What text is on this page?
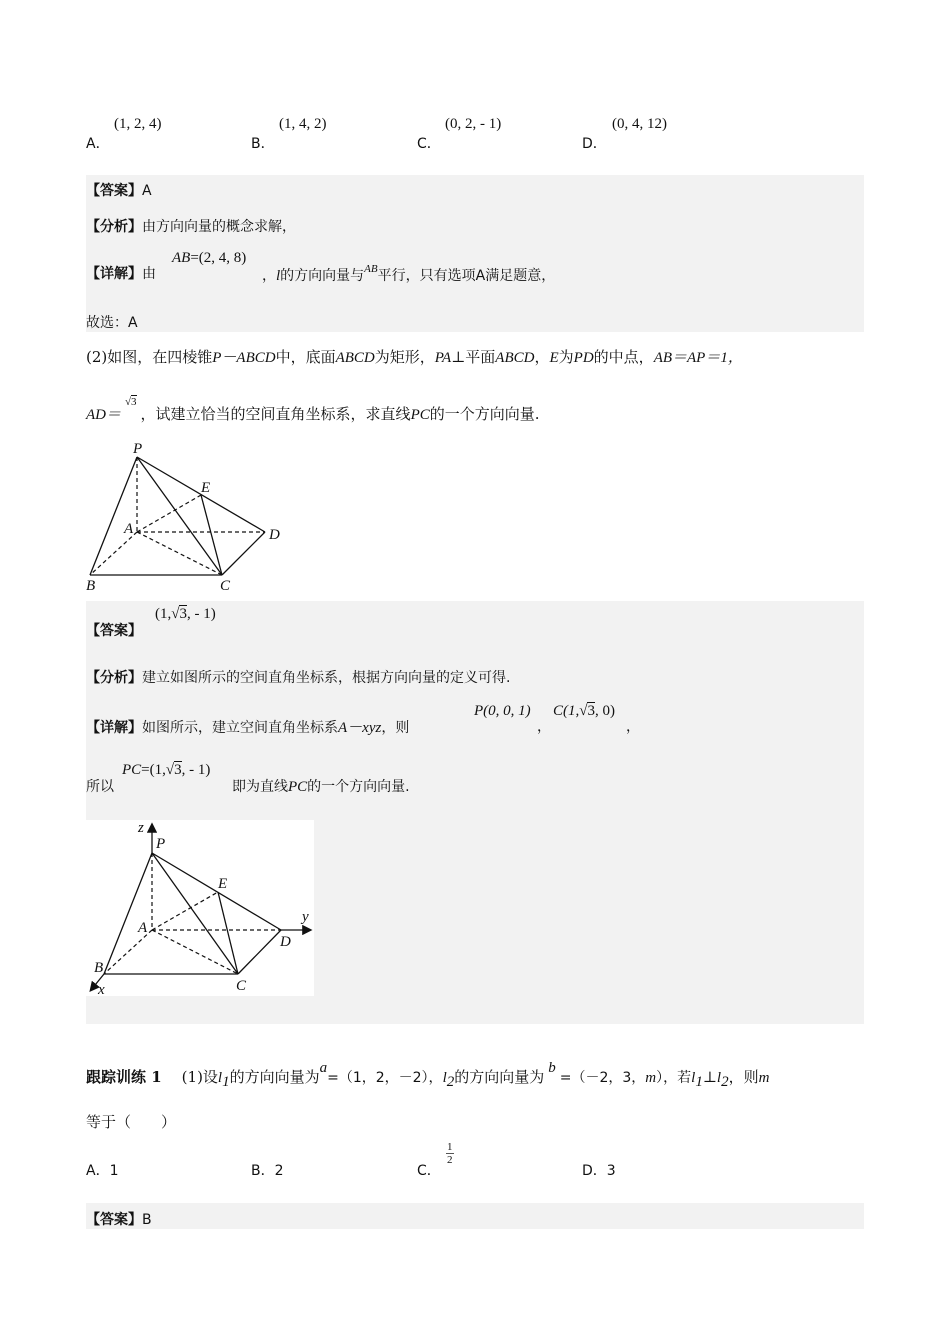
A．
(1, 2, 4)
B．
(1, 4, 2)
C．
(0, 2, - 1)
D．
(0, 4, 12)
【答案】A
【分析】由方向向量的概念求解，
【详解】由
AB=(2, 4, 8)
，l的方向向量与$^{AB}$平行，只有选项A满足题意，
故选：A
(2)如图，在四棱锥P－ABCD中，底面ABCD为矩形，PA⊥平面ABCD，E为PD的中点，AB＝AP＝1，
AD＝√3，试建立恰当的空间直角坐标系，求直线PC的一个方向向量.
P
E
A	D
B	C
【答案】
(1,√3, - 1)
【分析】建立如图所示的空间直角坐标系，根据方向向量的定义可得.
【详解】如图所示，建立空间直角坐标系A－xyz，则
P(0, 0, 1)
，
C(1,√3, 0)
，
所以
PC=(1,√3, - 1)
即为直线PC的一个方向向量.
z
P
E
y
A
D
B
x	C
跟踪训练 1 (1)设$l_1$的方向向量为a=（1，2，－2），$l_2$的方向向量为 b=（－2，3，m），若$l_1\perp l_2$，则m
等于（　　）
A．1	B．2	C．
$\frac{1}{2}$
D．3
【答案】B
